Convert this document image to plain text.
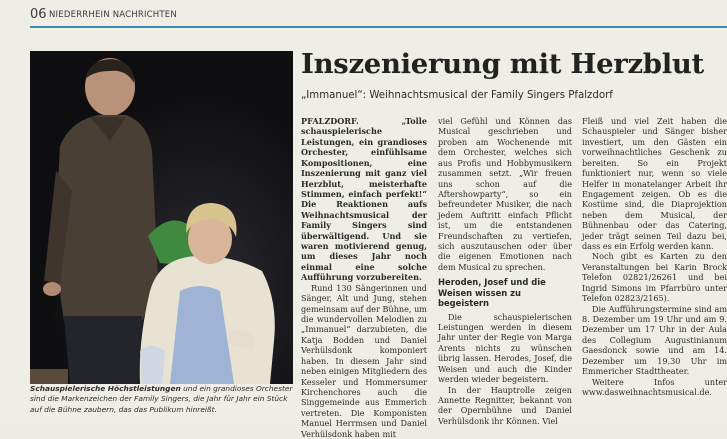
06 NIEDERRHEIN NACHRICHTEN
Schauspielerische Höchstleistungen und ein grandioses Orchester sind die Markenzeichen der Family Singers, die Jahr für Jahr ein Stück auf die Bühne zaubern, das das Publikum hinreißt.
Inszenierung mit Herzblut
„Immanuel“: Weihnachtsmusical der Family Singers Pfalzdorf

PFALZDORF. „Tolle schauspielerische Leistungen, ein grandioses Orchester, einfühlsame Kompositionen, eine Inszenierung mit ganz viel Herzblut, meisterhafte Stimmen, einfach perfekt!“ Die Reaktionen aufs Weihnachtsmusical der Family Singers sind überwältigend. Und sie waren motivierend genug, um dieses Jahr noch einmal eine solche Aufführung vorzubereiten.

Rund 130 Sängerinnen und Sänger, Alt und Jung, stehen gemeinsam auf der Bühne, um die wundervollen Melodien zu „Immanuel“ darzubieten, die Katja Bodden und Daniel Verhülsdonk komponiert haben. In diesem Jahr sind neben einigen Mitgliedern des Kesseler und Hommersumer Kirchenchores auch die Singgemeinde aus Emmerich vertreten. Die Komponisten Manuel Herrmsen und Daniel Verhülsdonk haben mit

viel Gefühl und Können das Musical geschrieben und proben am Wochenende mit dem Orchester, welches sich aus Profis und Hobbymusikern zusammen setzt. „Wir freuen uns schon auf die Aftershowparty“, so ein befreundeter Musiker, die nach jedem Auftritt einfach Pflicht ist, um die entstandenen Freundschaften zu vertiefen, sich auszutauschen oder über die eigenen Emotionen nach dem Musical zu sprechen.

Heroden, Josef und die Weisen wissen zu begeistern

Die schauspielerischen Leistungen werden in diesem Jahr unter der Regie von Marga Arents nichts zu wünschen übrig lassen. Herodes, Josef, die Weisen und auch die Kinder werden wieder begeistern.

In der Hauptrolle zeigen Annette Regnitter, bekannt von der Opernbühne und Daniel Verhülsdonk ihr Können. Viel

Fleiß und viel Zeit haben die Schauspieler und Sänger bisher investiert, um den Gästen ein vorweihnachtliches Geschenk zu bereiten. So ein Projekt funktioniert nur, wenn so viele Helfer in monatelanger Arbeit ihr Engagement zeigen. Ob es die Kostüme sind, die Diaprojektion neben dem Musical, der Bühnenbau oder das Catering, jeder trägt seinen Teil dazu bei, dass es ein Erfolg werden kann.

Noch gibt es Karten zu den Veranstaltungen bei Karin Brock Telefon 02821/26261 und bei Ingrid Simons im Pfarrbüro unter Telefon 02823/2165).

Die Aufführungstermine sind am 8. Dezember um 19 Uhr und am 9. Dezember um 17 Uhr in der Aula des Collegium Augustinianum Gaesdonck sowie und am 14. Dezember um 19.30 Uhr im Emmericher Stadttheater.

Weitere Infos unter www.dasweihnachtsmusical.de.
